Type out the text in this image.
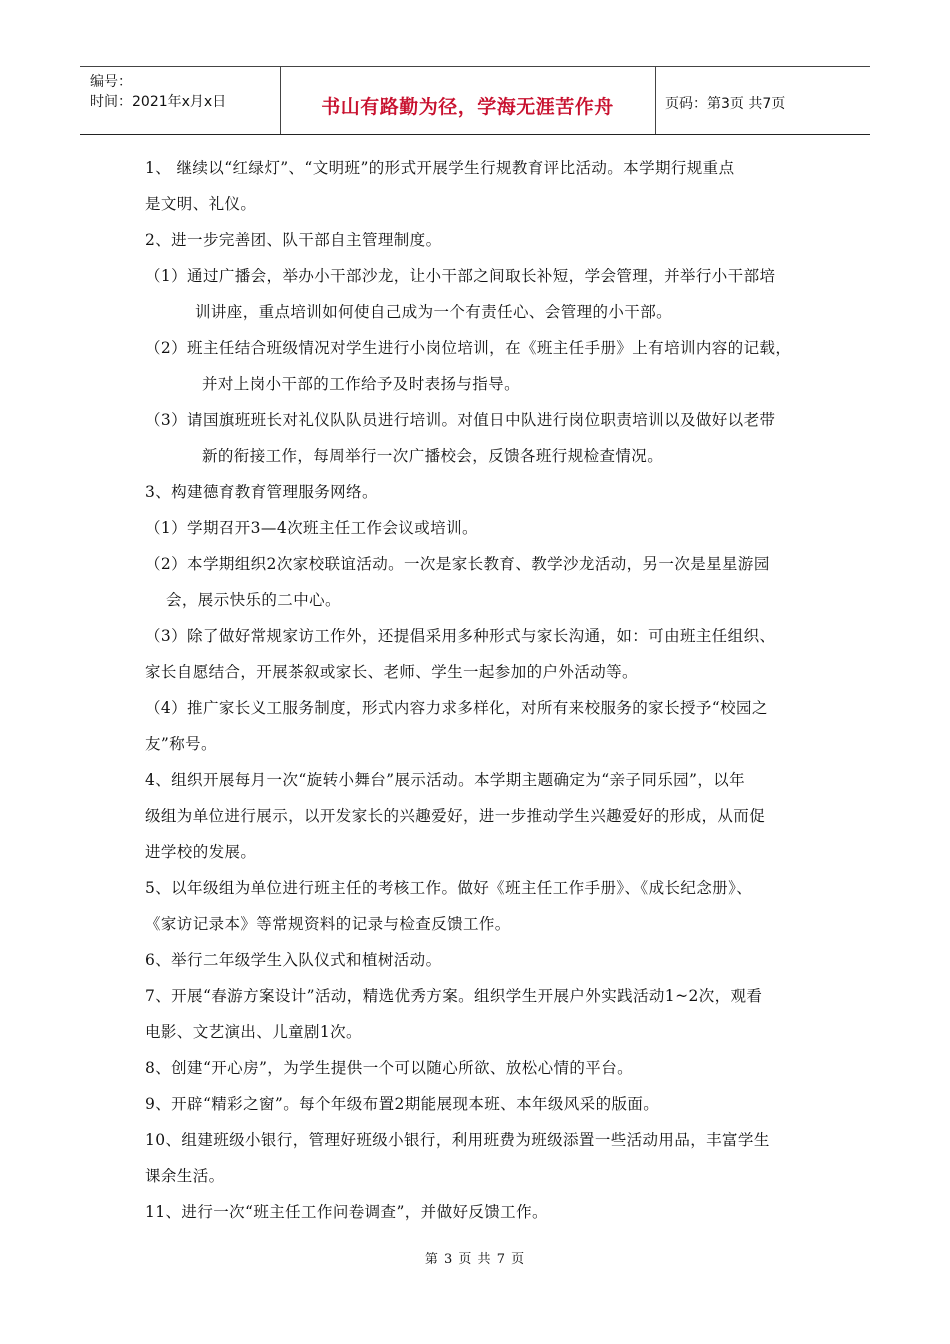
编号：
时间：2021年x月x日	书山有路勤为径，学海无涯苦作舟	页码：第3页 共7页
1、 继续以“红绿灯”、“文明班”的形式开展学生行规教育评比活动。本学期行规重点
是文明、礼仪。
2、进一步完善团、队干部自主管理制度。
（1）通过广播会，举办小干部沙龙，让小干部之间取长补短，学会管理，并举行小干部培
训讲座，重点培训如何使自己成为一个有责任心、会管理的小干部。
（2）班主任结合班级情况对学生进行小岗位培训，在《班主任手册》上有培训内容的记载，
并对上岗小干部的工作给予及时表扬与指导。
（3）请国旗班班长对礼仪队队员进行培训。对值日中队进行岗位职责培训以及做好以老带
新的衔接工作，每周举行一次广播校会，反馈各班行规检查情况。
3、构建德育教育管理服务网络。
（1）学期召开3—4次班主任工作会议或培训。
（2）本学期组织2次家校联谊活动。一次是家长教育、教学沙龙活动，另一次是星星游园
会，展示快乐的二中心。
（3）除了做好常规家访工作外，还提倡采用多种形式与家长沟通，如：可由班主任组织、
家长自愿结合，开展茶叙或家长、老师、学生一起参加的户外活动等。
（4）推广家长义工服务制度，形式内容力求多样化，对所有来校服务的家长授予“校园之
友”称号。
4、组织开展每月一次“旋转小舞台”展示活动。本学期主题确定为“亲子同乐园”，以年
级组为单位进行展示，以开发家长的兴趣爱好，进一步推动学生兴趣爱好的形成，从而促
进学校的发展。
5、以年级组为单位进行班主任的考核工作。做好《班主任工作手册》、《成长纪念册》、
《家访记录本》等常规资料的记录与检查反馈工作。
6、举行二年级学生入队仪式和植树活动。
7、开展“春游方案设计”活动，精选优秀方案。组织学生开展户外实践活动1~2次，观看
电影、文艺演出、儿童剧1次。
8、创建“开心房”，为学生提供一个可以随心所欲、放松心情的平台。
9、开辟“精彩之窗”。每个年级布置2期能展现本班、本年级风采的版面。
10、组建班级小银行，管理好班级小银行，利用班费为班级添置一些活动用品，丰富学生
课余生活。
11、进行一次“班主任工作问卷调查”，并做好反馈工作。
第 3 页 共 7 页
